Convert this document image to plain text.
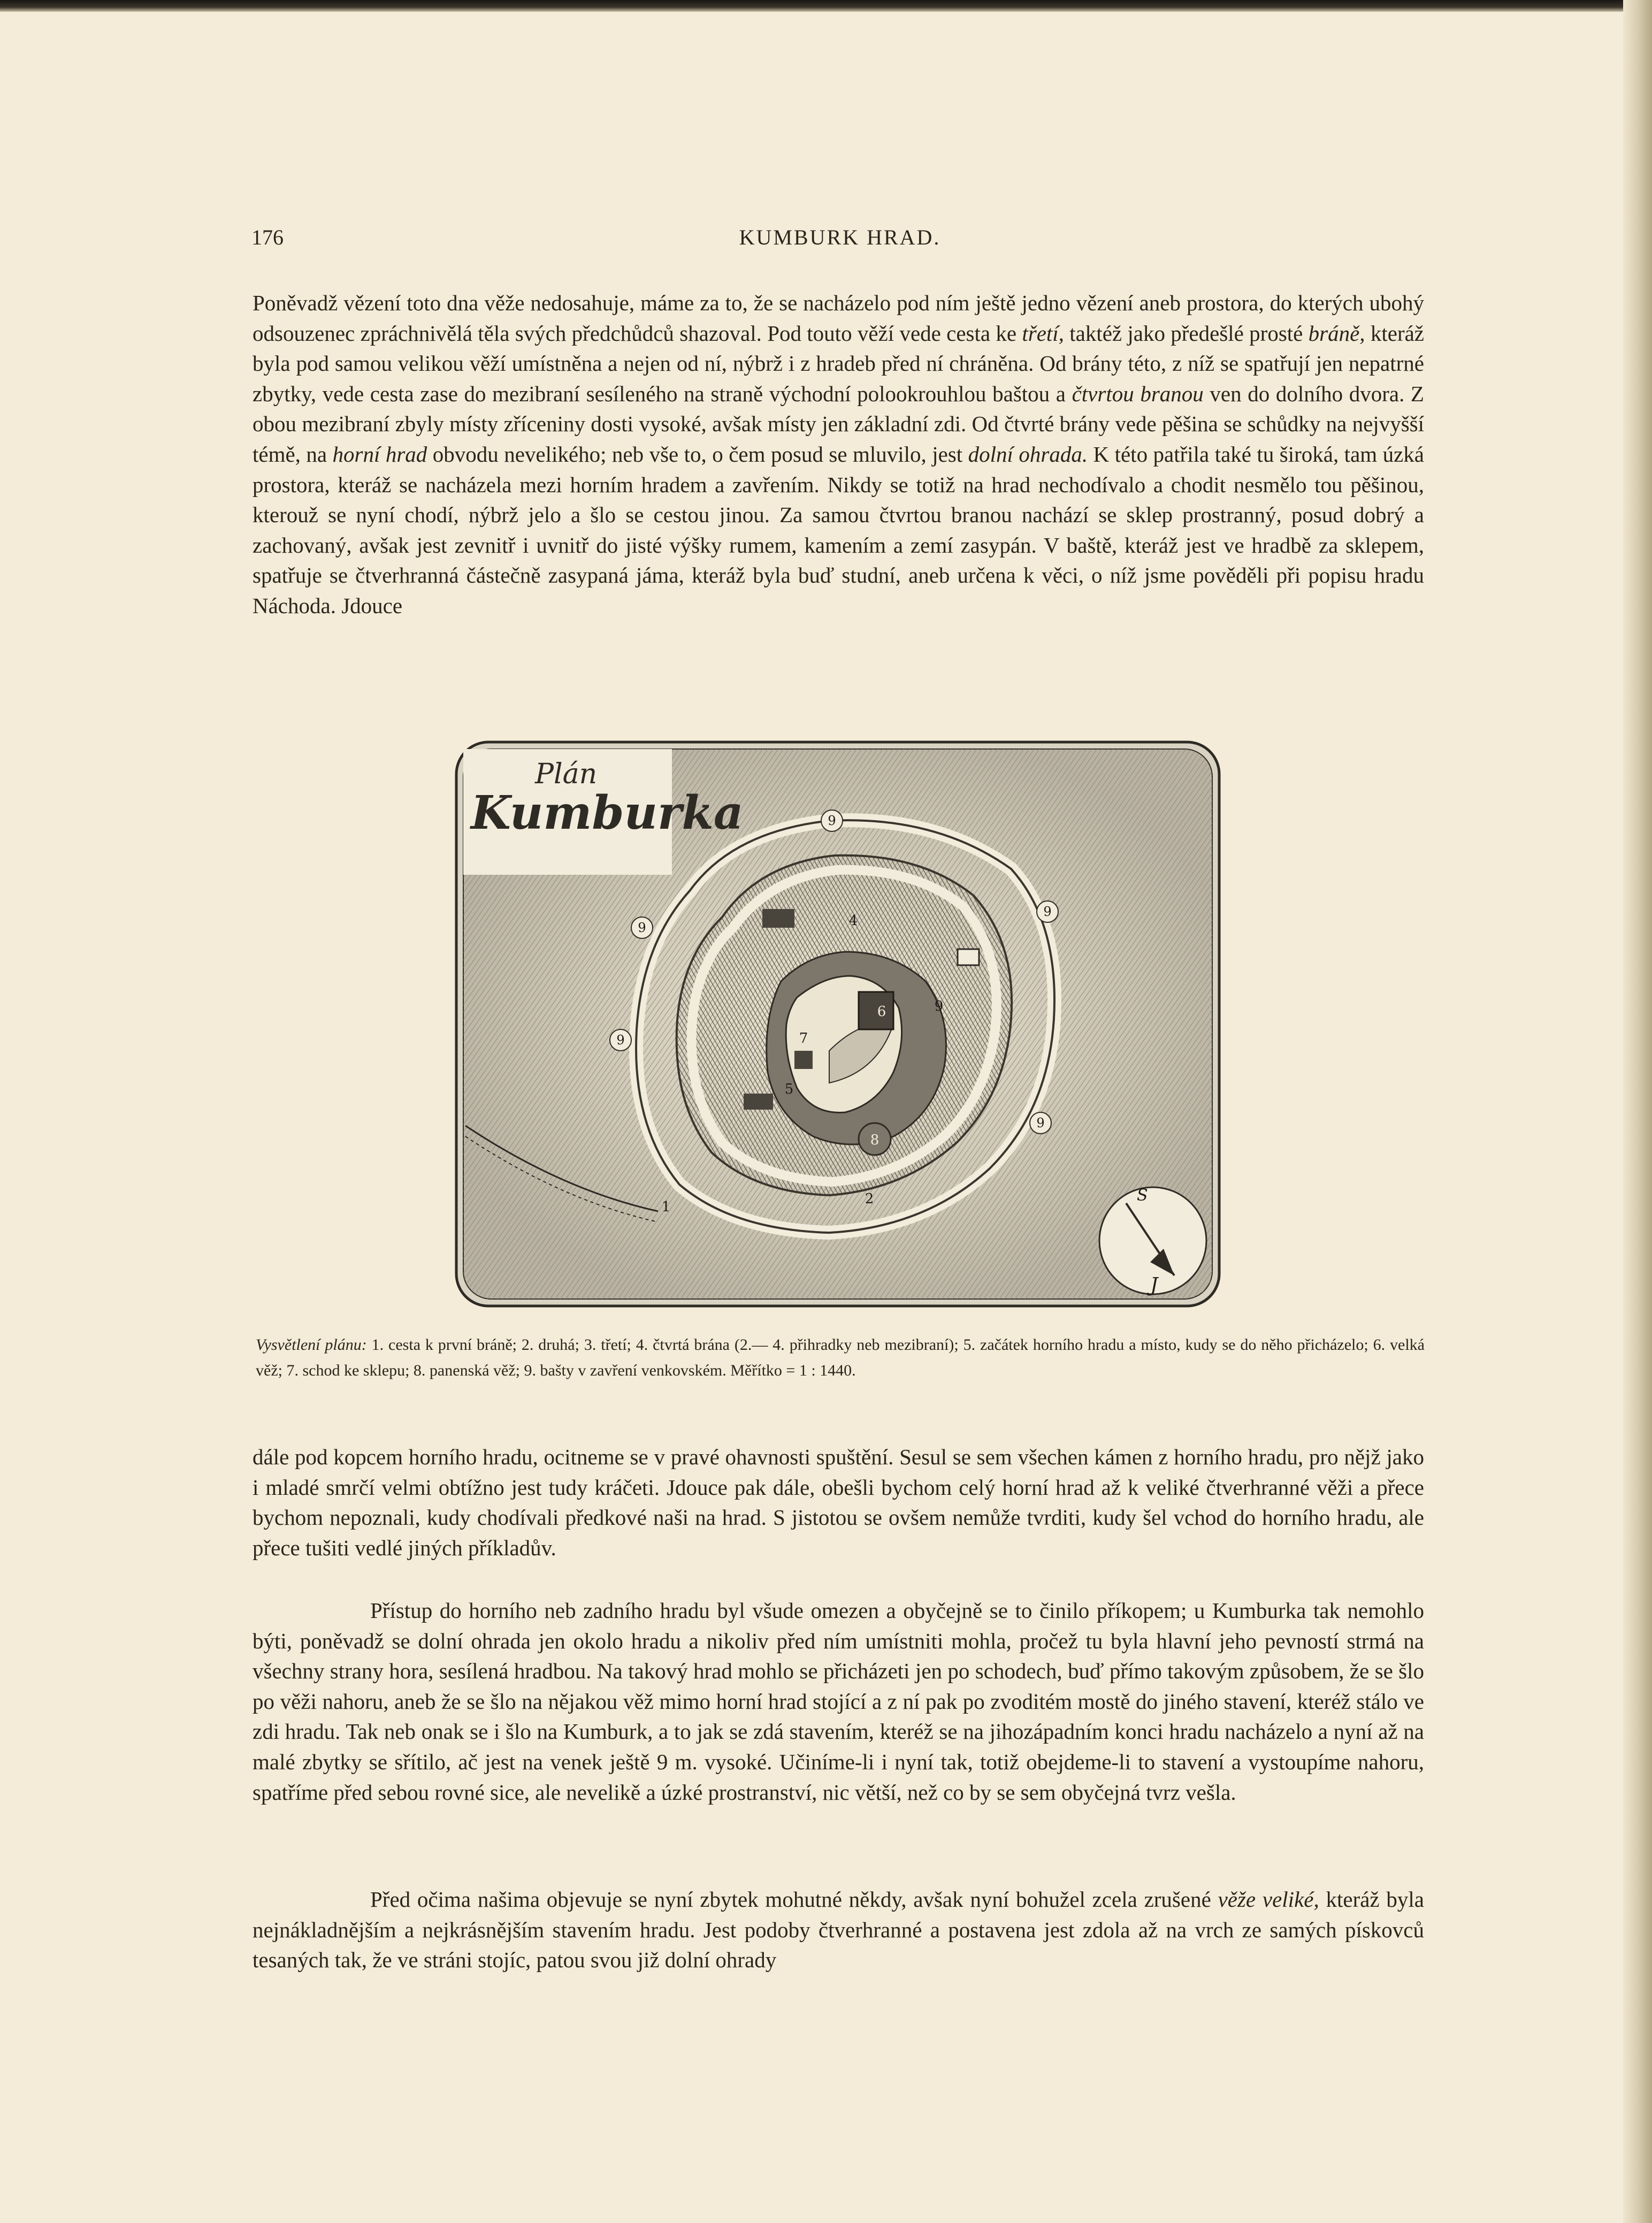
176	KUMBURK HRAD.
Poněvadž vězení toto dna věže nedosahuje, máme za to, že se nacházelo pod ním ještě jedno vězení aneb prostora, do kterých ubohý odsouzenec zpráchnivělá těla svých předchůdců shazoval. Pod touto věží vede cesta ke třetí, taktéž jako předešlé prosté bráně, kteráž byla pod samou velikou věží umístněna a nejen od ní, nýbrž i z hradeb před ní chráněna. Od brány této, z níž se spatřují jen nepatrné zbytky, vede cesta zase do mezibraní sesíleného na straně východní polookrouhlou baštou a čtvrtou branou ven do dolního dvora. Z obou mezibraní zbyly místy zříceniny dosti vysoké, avšak místy jen základní zdi. Od čtvrté brány vede pěšina se schůdky na nejvyšší témě, na horní hrad obvodu nevelikého; neb vše to, o čem posud se mluvilo, jest dolní ohrada. K této patřila také tu široká, tam úzká prostora, kteráž se nacházela mezi horním hradem a zavřením. Nikdy se totiž na hrad nechodívalo a chodit nesmělo tou pěšinou, kterouž se nyní chodí, nýbrž jelo a šlo se cestou jinou. Za samou čtvrtou branou nachází se sklep prostranný, posud dobrý a zachovaný, avšak jest zevnitř i uvnitř do jisté výšky rumem, kamením a zemí zasypán. V baště, kteráž jest ve hradbě za sklepem, spatřuje se čtverhranná částečně zasypaná jáma, kteráž byla buď studní, aneb určena k věci, o níž jsme pověděli při popisu hradu Náchoda. Jdouce
Plán
Kumburka
1	2
4
5
6
7
8
9
9
9
9
9
9
S
J
Vysvětlení plánu: 1. cesta k první bráně; 2. druhá; 3. třetí; 4. čtvrtá brána (2.— 4. přihradky neb mezibraní); 5. začátek horního hradu a místo, kudy se do něho přicházelo; 6. velká věž; 7. schod ke sklepu; 8. panenská věž; 9. bašty v zavření venkovském. Měřítko = 1 : 1440.
dále pod kopcem horního hradu, ocitneme se v pravé ohavnosti spuštění. Sesul se sem všechen kámen z horního hradu, pro nějž jako i mladé smrčí velmi obtížno jest tudy kráčeti. Jdouce pak dále, obešli bychom celý horní hrad až k veliké čtverhranné věži a přece bychom nepoznali, kudy chodívali předkové naši na hrad. S jistotou se ovšem nemůže tvrditi, kudy šel vchod do horního hradu, ale přece tušiti vedlé jiných příkladův.
Přístup do horního neb zadního hradu byl všude omezen a obyčejně se to činilo příkopem; u Kumburka tak nemohlo býti, poněvadž se dolní ohrada jen okolo hradu a nikoliv před ním umístniti mohla, pročež tu byla hlavní jeho pevností strmá na všechny strany hora, sesílená hradbou. Na takový hrad mohlo se přicházeti jen po schodech, buď přímo takovým způsobem, že se šlo po věži nahoru, aneb že se šlo na nějakou věž mimo horní hrad stojící a z ní pak po zvoditém mostě do jiného stavení, kteréž stálo ve zdi hradu. Tak neb onak se i šlo na Kumburk, a to jak se zdá stavením, kteréž se na jihozápadním konci hradu nacházelo a nyní až na malé zbytky se sřítilo, ač jest na venek ještě 9 m. vysoké. Učiníme-li i nyní tak, totiž obejdeme-li to stavení a vystoupíme nahoru, spatříme před sebou rovné sice, ale nevelikě a úzké prostranství, nic větší, než co by se sem obyčejná tvrz vešla.
Před očima našima objevuje se nyní zbytek mohutné někdy, avšak nyní bohužel zcela zrušené věže veliké, kteráž byla nejnákladnějším a nejkrásnějším stavením hradu. Jest podoby čtverhranné a postavena jest zdola až na vrch ze samých pískovců tesaných tak, že ve stráni stojíc, patou svou již dolní ohrady
